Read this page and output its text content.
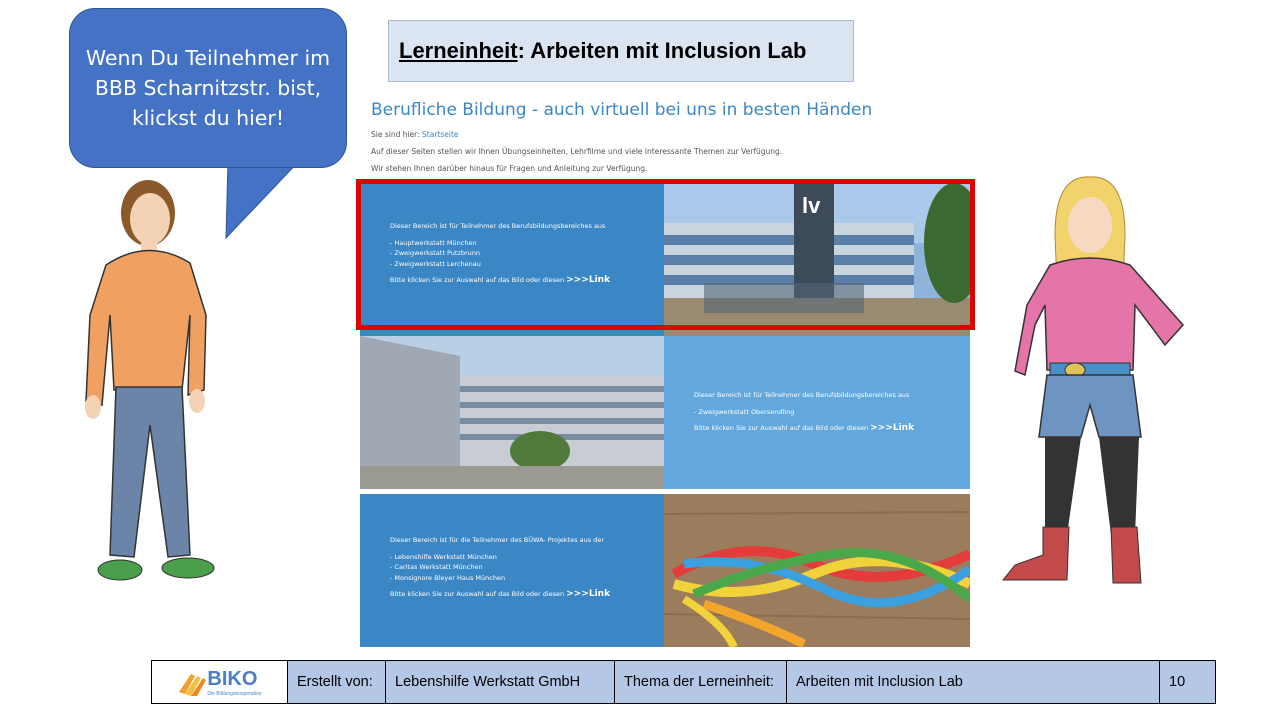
Lerneinheit: Arbeiten mit Inclusion Lab
Wenn Du Teilnehmer im BBB Scharnitzstr. bist, klickst du hier!	Berufliche Bildung - auch virtuell bei uns in besten Händen
Sie sind hier: Startseite
Auf dieser Seiten stellen wir Ihnen Übungseinheiten, Lehrfilme und viele interessante Themen zur Verfügung.
Wir stehen Ihnen darüber hinaus für Fragen und Anleitung zur Verfügung.
Dieser Bereich ist für Teilnehmer des Berufsbildungsbereiches aus
- Hauptwerkstatt München
- Zweigwerkstatt Putzbrunn
- Zweigwerkstatt Lerchenau
Bitte klicken Sie zur Auswahl auf das Bild oder diesen >>>Link
lv
Dieser Bereich ist für Teilnehmer des Berufsbildungsbereiches aus
- Zweigwerkstatt Obersendling
Bitte klicken Sie zur Auswahl auf das Bild oder diesen >>>Link
Dieser Bereich ist für die Teilnehmer des BÜWA- Projektes aus der
- Lebenshilfe Werkstatt München
- Caritas Werkstatt München
- Monsignore Bleyer Haus München
Bitte klicken Sie zur Auswahl auf das Bild oder diesen >>>Link
BIKO
Die Bildungskooperation
Erstellt von:	Lebenshilfe Werkstatt GmbH	Thema der Lerneinheit:	Arbeiten mit Inclusion Lab	10
